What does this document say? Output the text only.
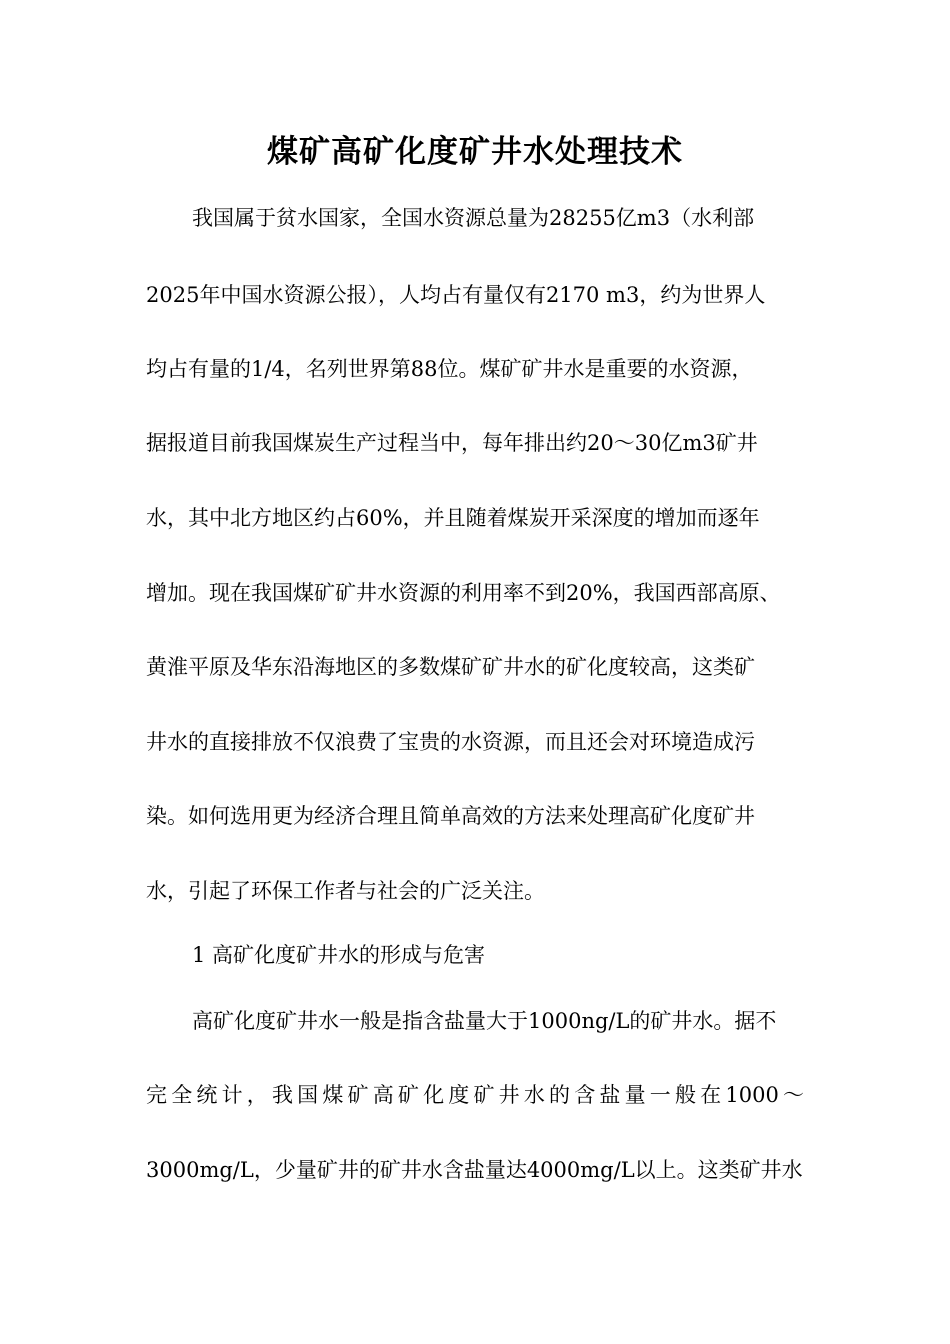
煤矿高矿化度矿井水处理技术
我国属于贫水国家，全国水资源总量为28255亿m3（水利部
2025年中国水资源公报），人均占有量仅有2170 m3，约为世界人
均占有量的1/4，名列世界第88位。煤矿矿井水是重要的水资源，
据报道目前我国煤炭生产过程当中，每年排出约20～30亿m3矿井
水，其中北方地区约占60%，并且随着煤炭开采深度的增加而逐年
增加。现在我国煤矿矿井水资源的利用率不到20%，我国西部高原、
黄淮平原及华东沿海地区的多数煤矿矿井水的矿化度较高，这类矿
井水的直接排放不仅浪费了宝贵的水资源，而且还会对环境造成污
染。如何选用更为经济合理且简单高效的方法来处理高矿化度矿井
水，引起了环保工作者与社会的广泛关注。
1 高矿化度矿井水的形成与危害
高矿化度矿井水一般是指含盐量大于1000ng/L的矿井水。据不
完全统计，我国煤矿高矿化度矿井水的含盐量一般在1000～
3000mg/L，少量矿井的矿井水含盐量达4000mg/L以上。这类矿井水
